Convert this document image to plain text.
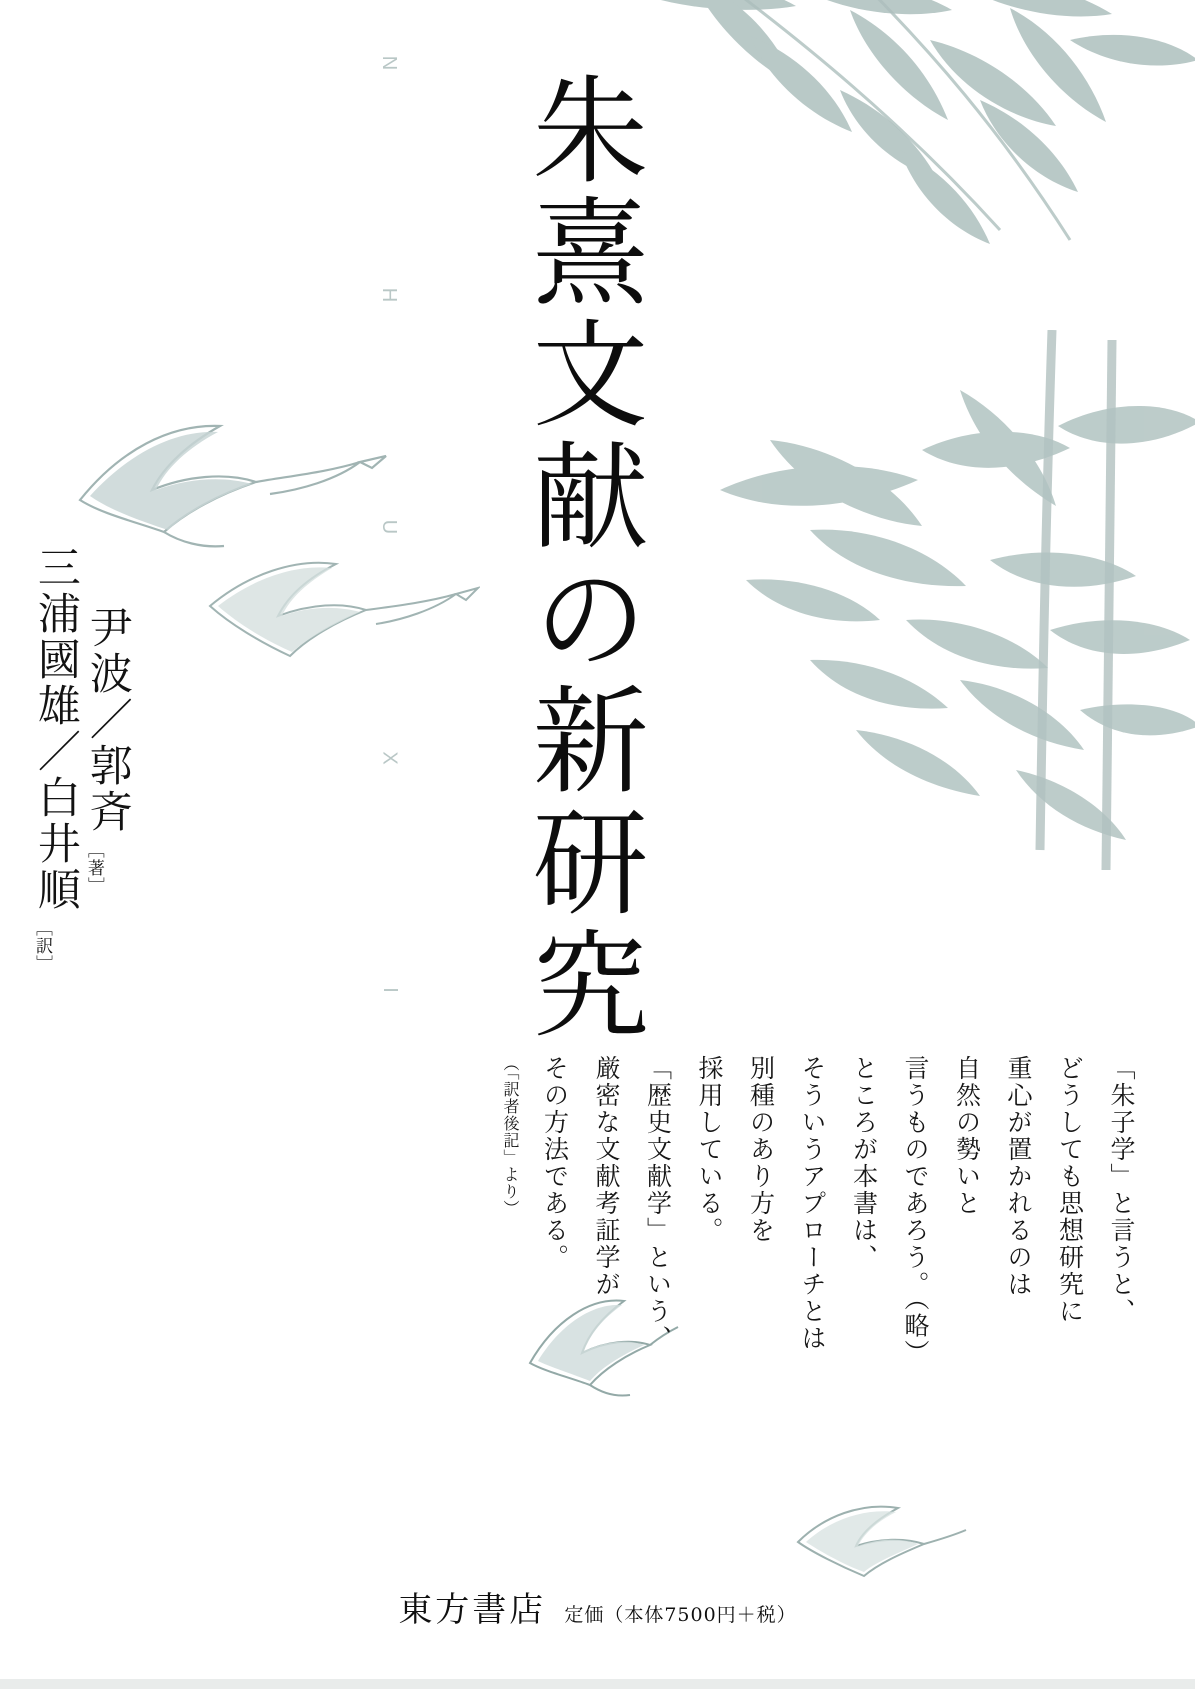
N
H
U
X
I 朱熹文献の新研究
尹波／郭斉
［著］
三浦國雄／白井順
［訳］
「朱子学」と言うと、
どうしても思想研究に
重心が置かれるのは
自然の勢いと
言うものであろう。（略）
ところが本書は、
そういうアプローチとは
別種のあり方を
採用している。
「歴史文献学」という、
厳密な文献考証学が
その方法である。
（「訳者後記」より）
東方書店 定価（本体7500円＋税）
